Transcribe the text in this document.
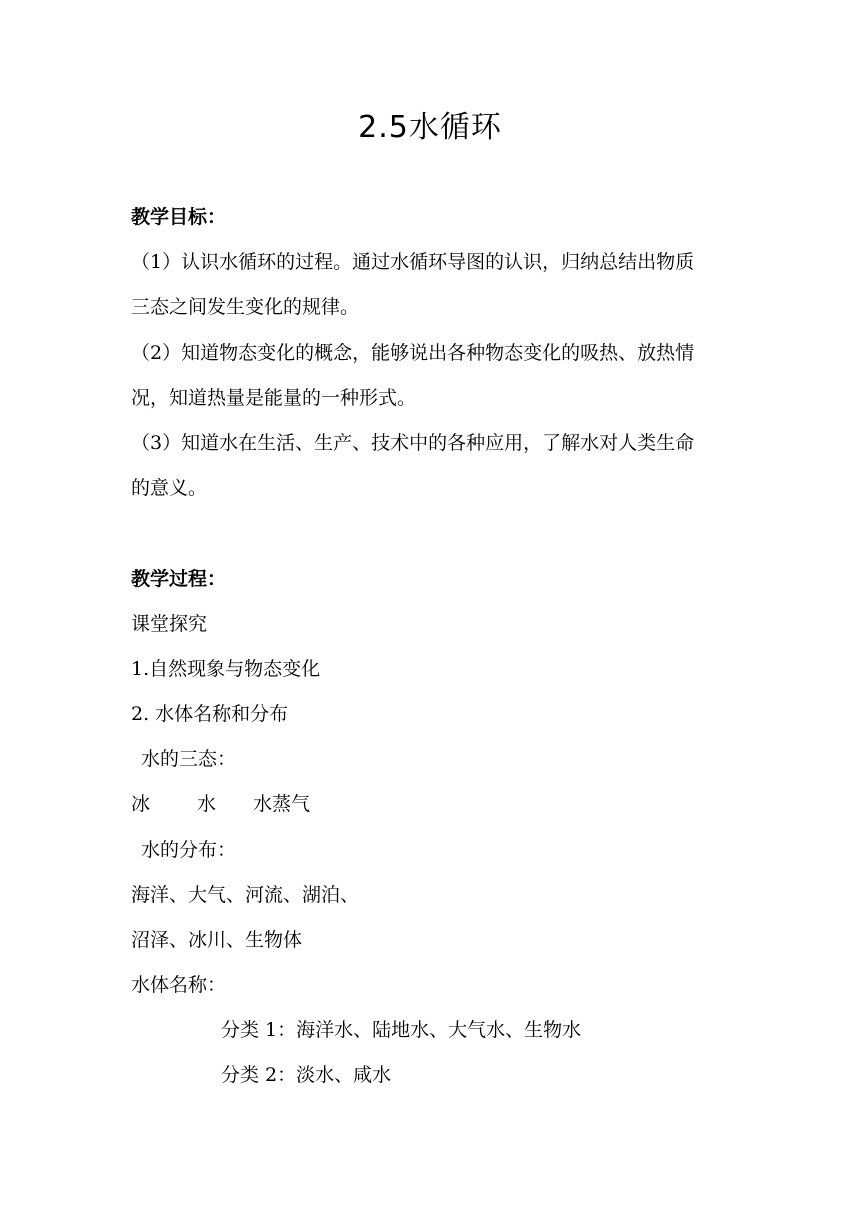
2.5水循环
教学目标：
（1）认识水循环的过程。通过水循环导图的认识，归纳总结出物质
三态之间发生变化的规律。
（2）知道物态变化的概念，能够说出各种物态变化的吸热、放热情
况，知道热量是能量的一种形式。
（3）知道水在生活、生产、技术中的各种应用，了解水对人类生命
的意义。
教学过程：
课堂探究
1.自然现象与物态变化
2. 水体名称和分布
水的三态：
冰 水 水蒸气
水的分布：
海洋、大气、河流、湖泊、
沼泽、冰川、生物体
水体名称：
分类 1：海洋水、陆地水、大气水、生物水
分类 2：淡水、咸水
